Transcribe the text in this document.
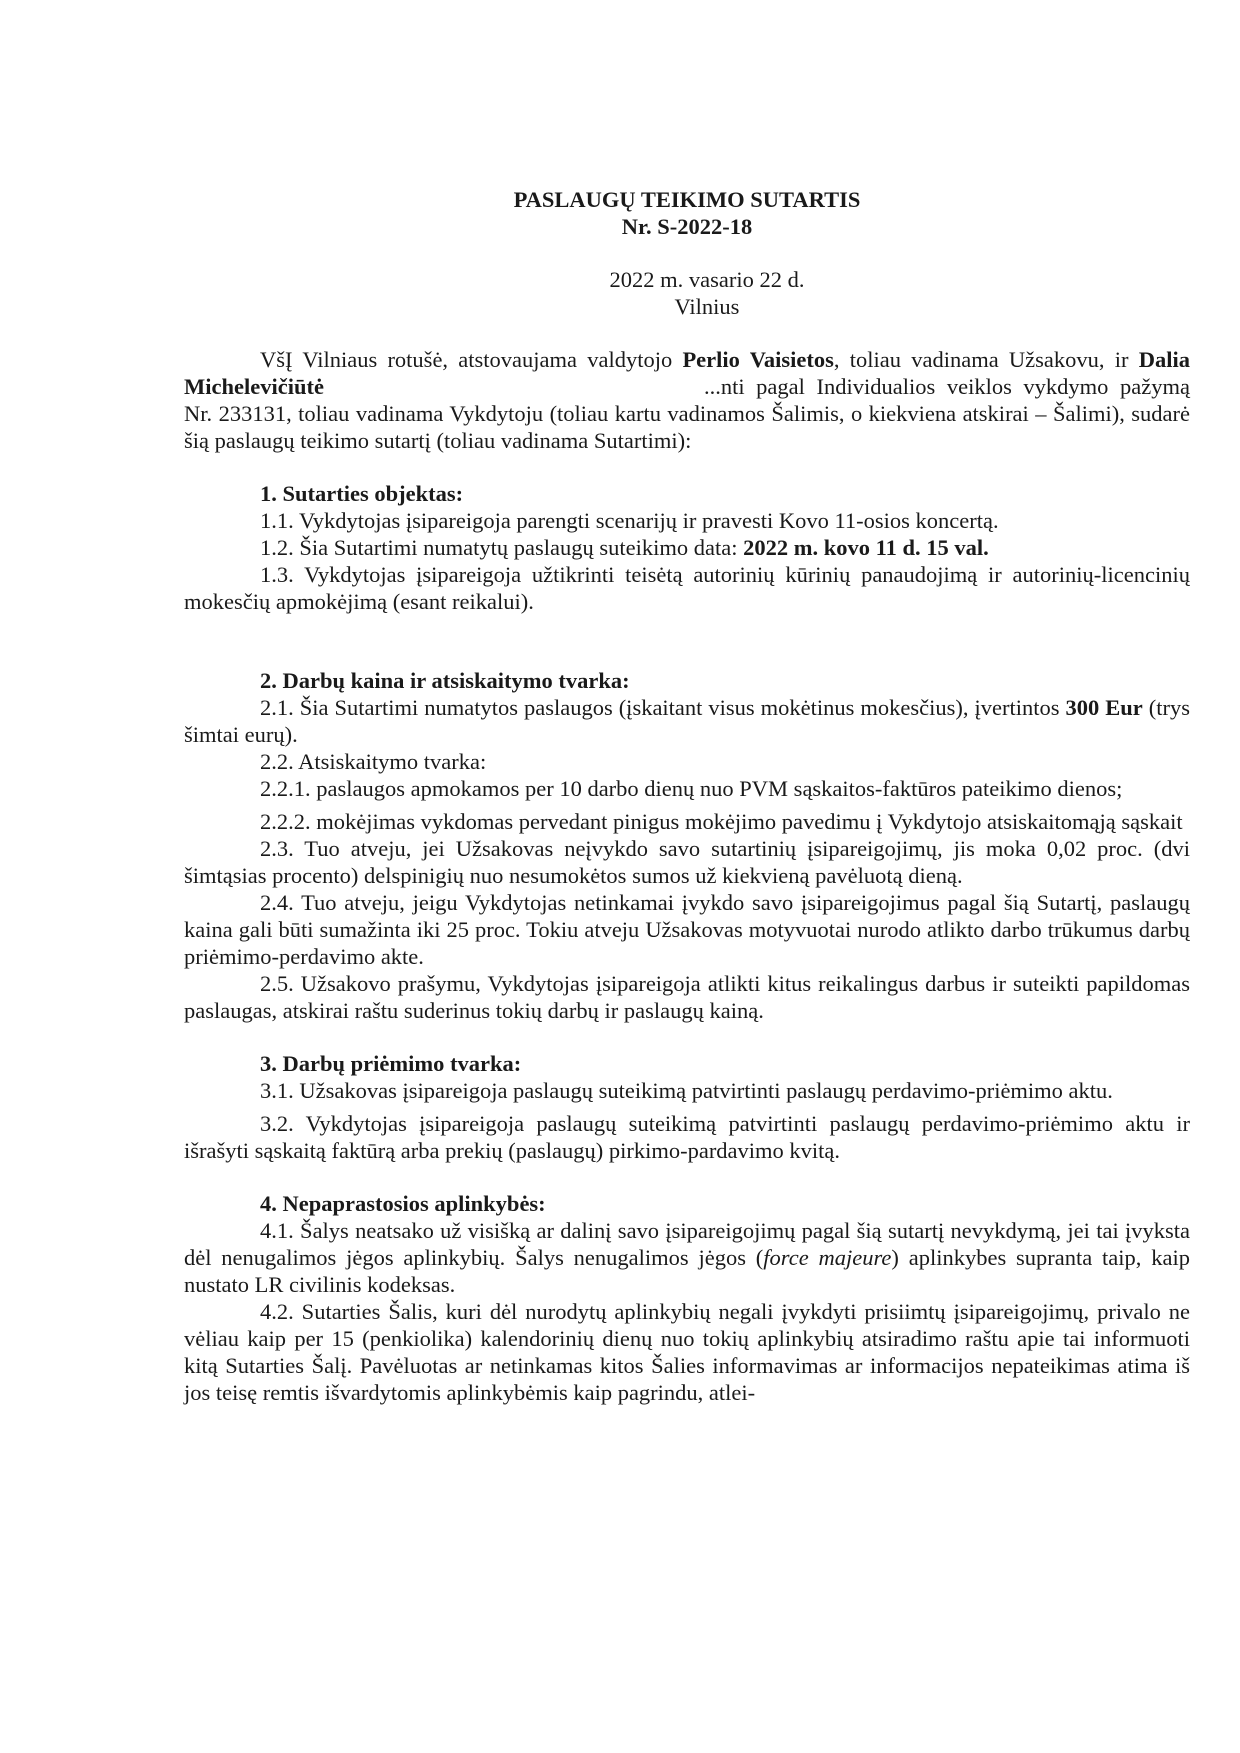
PASLAUGŲ TEIKIMO SUTARTIS
Nr. S-2022-18
2022 m. vasario 22 d.
Vilnius

VšĮ Vilniaus rotušė, atstovaujama valdytojo Perlio Vaisietos, toliau vadinama Užsakovu, ir Dalia Michelevičiūtė	...nti pagal Individualios veiklos vykdymo pažymą Nr. 233131, toliau vadinama Vykdytoju (toliau kartu vadinamos Šalimis, o kiekviena atskirai – Šalimi), sudarė šią paslaugų teikimo sutartį (toliau vadinama Sutartimi):

1. Sutarties objektas:

1.1. Vykdytojas įsipareigoja parengti scenarijų ir pravesti Kovo 11-osios koncertą.

1.2. Šia Sutartimi numatytų paslaugų suteikimo data: 2022 m. kovo 11 d. 15 val.

1.3. Vykdytojas įsipareigoja užtikrinti teisėtą autorinių kūrinių panaudojimą ir autorinių-licencinių mokesčių apmokėjimą (esant reikalui).

2. Darbų kaina ir atsiskaitymo tvarka:

2.1. Šia Sutartimi numatytos paslaugos (įskaitant visus mokėtinus mokesčius), įvertintos 300 Eur (trys šimtai eurų).

2.2. Atsiskaitymo tvarka:

2.2.1. paslaugos apmokamos per 10 darbo dienų nuo PVM sąskaitos-faktūros pateikimo dienos;

2.2.2. mokėjimas vykdomas pervedant pinigus mokėjimo pavedimu į Vykdytojo atsiskaitomąją sąskait

2.3. Tuo atveju, jei Užsakovas neįvykdo savo sutartinių įsipareigojimų, jis moka 0,02 proc. (dvi šimtąsias procento) delspinigių nuo nesumokėtos sumos už kiekvieną pavėluotą dieną.

2.4. Tuo atveju, jeigu Vykdytojas netinkamai įvykdo savo įsipareigojimus pagal šią Sutartį, paslaugų kaina gali būti sumažinta iki 25 proc. Tokiu atveju Užsakovas motyvuotai nurodo atlikto darbo trūkumus darbų priėmimo-perdavimo akte.

2.5. Užsakovo prašymu, Vykdytojas įsipareigoja atlikti kitus reikalingus darbus ir suteikti papildomas paslaugas, atskirai raštu suderinus tokių darbų ir paslaugų kainą.

3. Darbų priėmimo tvarka:

3.1. Užsakovas įsipareigoja paslaugų suteikimą patvirtinti paslaugų perdavimo-priėmimo aktu.

3.2. Vykdytojas įsipareigoja paslaugų suteikimą patvirtinti paslaugų perdavimo-priėmimo aktu ir išrašyti sąskaitą faktūrą arba prekių (paslaugų) pirkimo-pardavimo kvitą.

4. Nepaprastosios aplinkybės:

4.1. Šalys neatsako už visišką ar dalinį savo įsipareigojimų pagal šią sutartį nevykdymą, jei tai įvyksta dėl nenugalimos jėgos aplinkybių. Šalys nenugalimos jėgos (force majeure) aplinkybes supranta taip, kaip nustato LR civilinis kodeksas.

4.2. Sutarties Šalis, kuri dėl nurodytų aplinkybių negali įvykdyti prisiimtų įsipareigojimų, privalo ne vėliau kaip per 15 (penkiolika) kalendorinių dienų nuo tokių aplinkybių atsiradimo raštu apie tai informuoti kitą Sutarties Šalį. Pavėluotas ar netinkamas kitos Šalies informavimas ar informacijos nepateikimas atima iš jos teisę remtis išvardytomis aplinkybėmis kaip pagrindu, atlei-
